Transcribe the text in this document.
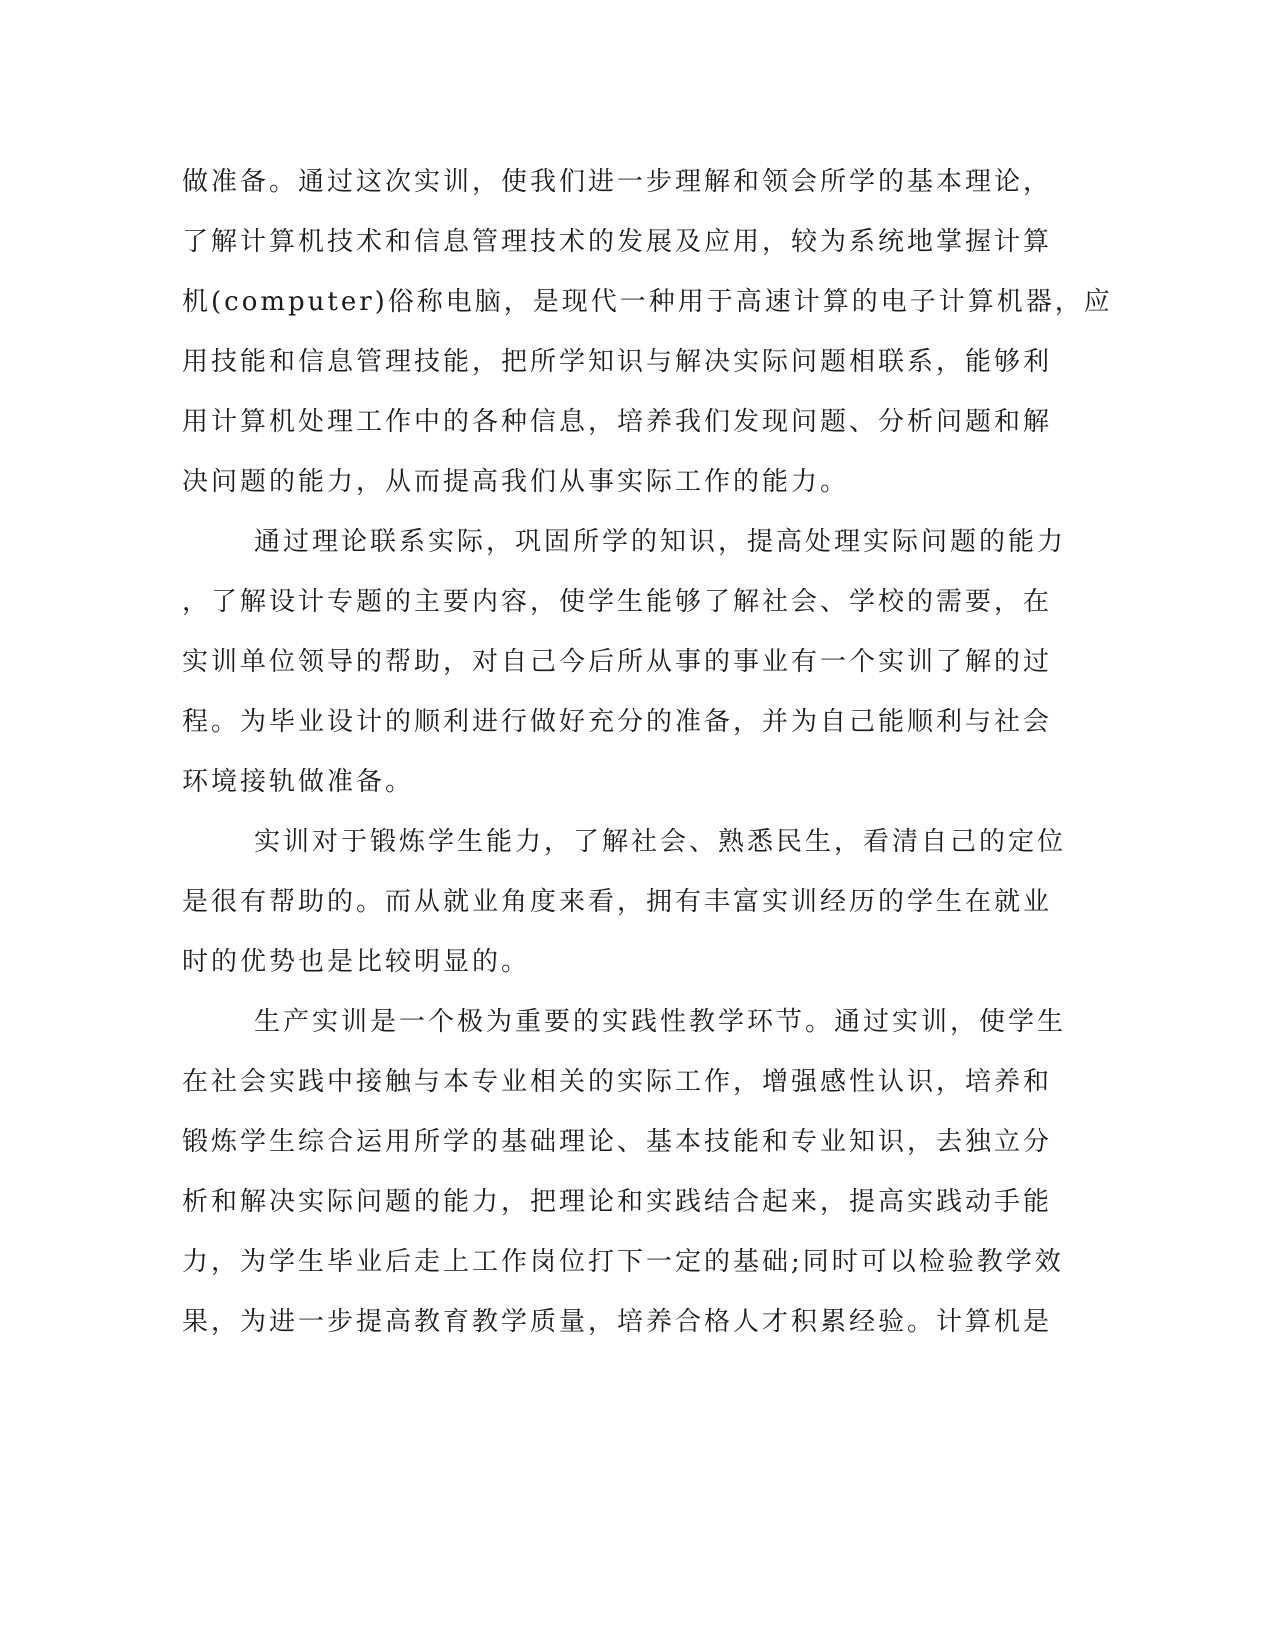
做准备。通过这次实训，使我们进一步理解和领会所学的基本理论，
了解计算机技术和信息管理技术的发展及应用，较为系统地掌握计算
机(computer)俗称电脑，是现代一种用于高速计算的电子计算机器，应
用技能和信息管理技能，把所学知识与解决实际问题相联系，能够利
用计算机处理工作中的各种信息，培养我们发现问题、分析问题和解
决问题的能力，从而提高我们从事实际工作的能力。
通过理论联系实际，巩固所学的知识，提高处理实际问题的能力
，了解设计专题的主要内容，使学生能够了解社会、学校的需要，在
实训单位领导的帮助，对自己今后所从事的事业有一个实训了解的过
程。为毕业设计的顺利进行做好充分的准备，并为自己能顺利与社会
环境接轨做准备。
实训对于锻炼学生能力，了解社会、熟悉民生，看清自己的定位
是很有帮助的。而从就业角度来看，拥有丰富实训经历的学生在就业
时的优势也是比较明显的。
生产实训是一个极为重要的实践性教学环节。通过实训，使学生
在社会实践中接触与本专业相关的实际工作，增强感性认识，培养和
锻炼学生综合运用所学的基础理论、基本技能和专业知识，去独立分
析和解决实际问题的能力，把理论和实践结合起来，提高实践动手能
力，为学生毕业后走上工作岗位打下一定的基础;同时可以检验教学效
果，为进一步提高教育教学质量，培养合格人才积累经验。计算机是
